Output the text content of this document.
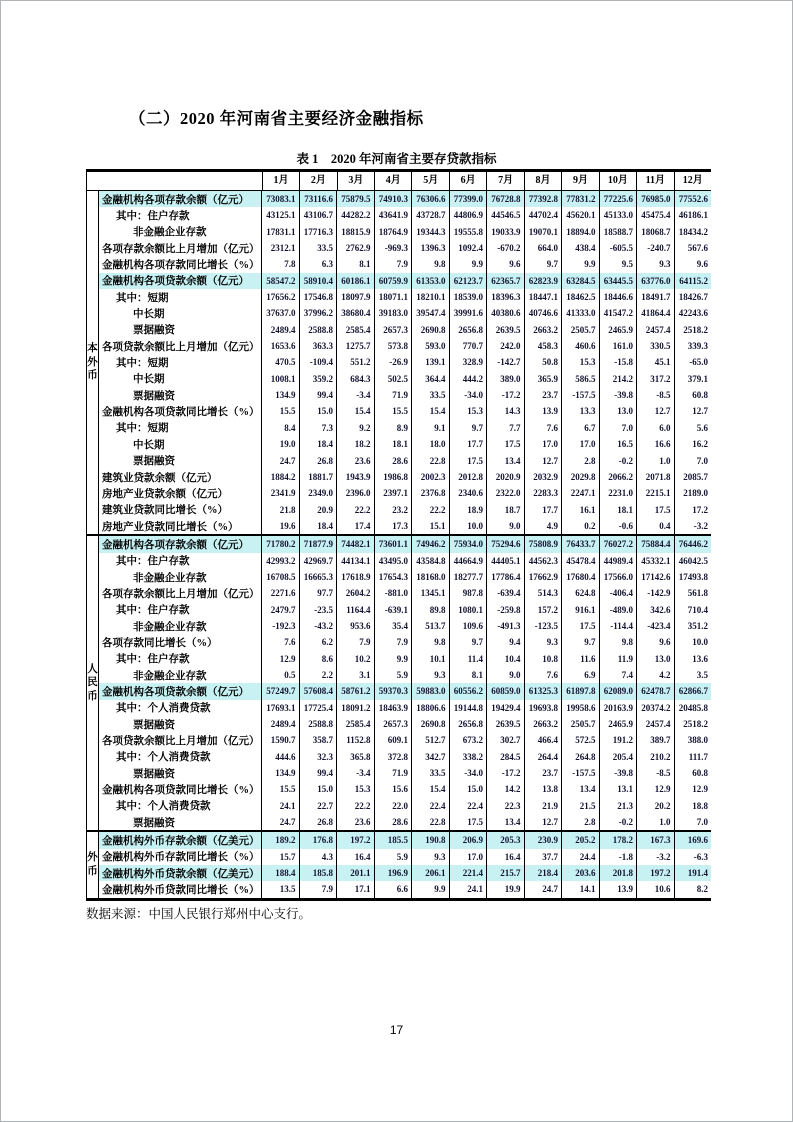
（二）2020 年河南省主要经济金融指标
表 1　2020 年河南省主要存贷款指标
1月	2月	3月	4月	5月	6月	7月	8月	9月	10月	11月	12月
本外币
金融机构各项存款余额（亿元）	73083.1 73116.6 75879.5 74910.3 76306.6 77399.0 76728.8 77392.8 77831.2 77225.6 76985.0 77552.6
其中：住户存款	43125.1 43106.7 44282.2 43641.9 43728.7 44806.9 44546.5 44702.4 45620.1 45133.0 45475.4 46186.1
非金融企业存款	17831.1 17716.3 18815.9 18764.9 19344.3 19555.8 19033.9 19070.1 18894.0 18588.7 18068.7 18434.2
各项存款余额比上月增加（亿元）	2312.1	33.5	2762.9	-969.3	1396.3	1092.4	-670.2	664.0	438.4	-605.5	-240.7	567.6
金融机构各项存款同比增长（%）	7.8	6.3	8.1	7.9	9.8	9.9	9.6	9.7	9.9	9.5	9.3	9.6
金融机构各项贷款余额（亿元）	58547.2 58910.4 60186.1 60759.9 61353.0 62123.7 62365.7 62823.9 63284.5 63445.5 63776.0 64115.2
其中：短期	17656.2 17546.8 18097.9 18071.1 18210.1 18539.0 18396.3 18447.1 18462.5 18446.6 18491.7 18426.7
中长期	37637.0 37996.2 38680.4 39183.0 39547.4 39991.6 40380.6 40746.6 41333.0 41547.2 41864.4 42243.6
票据融资	2489.4	2588.8	2585.4	2657.3	2690.8	2656.8	2639.5	2663.2	2505.7	2465.9	2457.4	2518.2
各项贷款余额比上月增加（亿元）	1653.6	363.3	1275.7	573.8	593.0	770.7	242.0	458.3	460.6	161.0	330.5	339.3
其中：短期	470.5	-109.4	551.2	-26.9	139.1	328.9	-142.7	50.8	15.3	-15.8	45.1	-65.0
中长期	1008.1	359.2	684.3	502.5	364.4	444.2	389.0	365.9	586.5	214.2	317.2	379.1
票据融资	134.9	99.4	-3.4	71.9	33.5	-34.0	-17.2	23.7	-157.5	-39.8	-8.5	60.8
金融机构各项贷款同比增长（%）	15.5	15.0	15.4	15.5	15.4	15.3	14.3	13.9	13.3	13.0	12.7	12.7
其中：短期	8.4	7.3	9.2	8.9	9.1	9.7	7.7	7.6	6.7	7.0	6.0	5.6
中长期	19.0	18.4	18.2	18.1	18.0	17.7	17.5	17.0	17.0	16.5	16.6	16.2
票据融资	24.7	26.8	23.6	28.6	22.8	17.5	13.4	12.7	2.8	-0.2	1.0	7.0
建筑业贷款余额（亿元）	1884.2	1881.7	1943.9	1986.8	2002.3	2012.8	2020.9	2032.9	2029.8	2066.2	2071.8	2085.7
房地产业贷款余额（亿元）	2341.9	2349.0	2396.0	2397.1	2376.8	2340.6	2322.0	2283.3	2247.1	2231.0	2215.1	2189.0
建筑业贷款同比增长（%）	21.8	20.9	22.2	23.2	22.2	18.9	18.7	17.7	16.1	18.1	17.5	17.2
房地产业贷款同比增长（%）	19.6	18.4	17.4	17.3	15.1	10.0	9.0	4.9	0.2	-0.6	0.4	-3.2
人民币
金融机构各项存款余额（亿元）	71780.2 71877.9 74482.1 73601.1 74946.2 75934.0 75294.6 75808.9 76433.7 76027.2 75884.4 76446.2
其中：住户存款	42993.2 42969.7 44134.1 43495.0 43584.8 44664.9 44405.1 44562.3 45478.4 44989.4 45332.1 46042.5
非金融企业存款	16708.5 16665.3 17618.9 17654.3 18168.0 18277.7 17786.4 17662.9 17680.4 17566.0 17142.6 17493.8
各项存款余额比上月增加（亿元）	2271.6	97.7	2604.2	-881.0	1345.1	987.8	-639.4	514.3	624.8	-406.4	-142.9	561.8
其中：住户存款	2479.7	-23.5	1164.4	-639.1	89.8	1080.1	-259.8	157.2	916.1	-489.0	342.6	710.4
非金融企业存款	-192.3	-43.2	953.6	35.4	513.7	109.6	-491.3	-123.5	17.5	-114.4	-423.4	351.2
各项存款同比增长（%）	7.6	6.2	7.9	7.9	9.8	9.7	9.4	9.3	9.7	9.8	9.6	10.0
其中：住户存款	12.9	8.6	10.2	9.9	10.1	11.4	10.4	10.8	11.6	11.9	13.0	13.6
非金融企业存款	0.5	2.2	3.1	5.9	9.3	8.1	9.0	7.6	6.9	7.4	4.2	3.5
金融机构各项贷款余额（亿元）	57249.7 57608.4 58761.2 59370.3 59883.0 60556.2 60859.0 61325.3 61897.8 62089.0 62478.7 62866.7
其中：个人消费贷款	17693.1 17725.4 18091.2 18463.9 18806.6 19144.8 19429.4 19693.8 19958.6 20163.9 20374.2 20485.8
票据融资	2489.4	2588.8	2585.4	2657.3	2690.8	2656.8	2639.5	2663.2	2505.7	2465.9	2457.4	2518.2
各项贷款余额比上月增加（亿元）	1590.7	358.7	1152.8	609.1	512.7	673.2	302.7	466.4	572.5	191.2	389.7	388.0
其中：个人消费贷款	444.6	32.3	365.8	372.8	342.7	338.2	284.5	264.4	264.8	205.4	210.2	111.7
票据融资	134.9	99.4	-3.4	71.9	33.5	-34.0	-17.2	23.7	-157.5	-39.8	-8.5	60.8
金融机构各项贷款同比增长（%）	15.5	15.0	15.3	15.6	15.4	15.0	14.2	13.8	13.4	13.1	12.9	12.9
其中：个人消费贷款	24.1	22.7	22.2	22.0	22.4	22.4	22.3	21.9	21.5	21.3	20.2	18.8
票据融资	24.7	26.8	23.6	28.6	22.8	17.5	13.4	12.7	2.8	-0.2	1.0	7.0
外币
金融机构外币存款余额（亿美元）	189.2	176.8	197.2	185.5	190.8	206.9	205.3	230.9	205.2	178.2	167.3	169.6
金融机构外币存款同比增长（%）	15.7	4.3	16.4	5.9	9.3	17.0	16.4	37.7	24.4	-1.8	-3.2	-6.3
金融机构外币贷款余额（亿美元）	188.4	185.8	201.1	196.9	206.1	221.4	215.7	218.4	203.6	201.8	197.2	191.4
金融机构外币贷款同比增长（%）	13.5	7.9	17.1	6.6	9.9	24.1	19.9	24.7	14.1	13.9	10.6	8.2
数据来源：中国人民银行郑州中心支行。
17
